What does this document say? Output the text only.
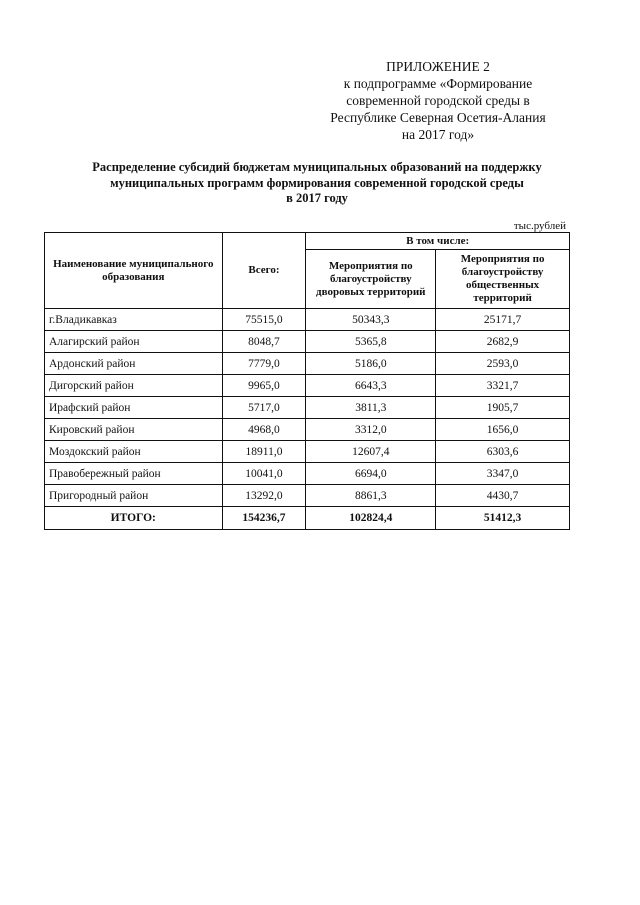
ПРИЛОЖЕНИЕ 2
к подпрограмме «Формирование
современной городской среды в
Республике Северная Осетия-Алания
на 2017 год»
Распределение субсидий бюджетам муниципальных образований на поддержку
муниципальных программ формирования современной городской среды
в 2017 году
тыс.рублей
Наименование муниципального образования	Всего:	В том числе:	
		Мероприятия по благоустройству дворовых территорий	Мероприятия по благоустройству общественных территорий
г.Владикавказ	75515,0	50343,3	25171,7
Алагирский район	8048,7	5365,8	2682,9
Ардонский район	7779,0	5186,0	2593,0
Дигорский район	9965,0	6643,3	3321,7
Ирафский район	5717,0	3811,3	1905,7
Кировский район	4968,0	3312,0	1656,0
Моздокский район	18911,0	12607,4	6303,6
Правобережный район	10041,0	6694,0	3347,0
Пригородный район	13292,0	8861,3	4430,7
ИТОГО:	154236,7	102824,4	51412,3
